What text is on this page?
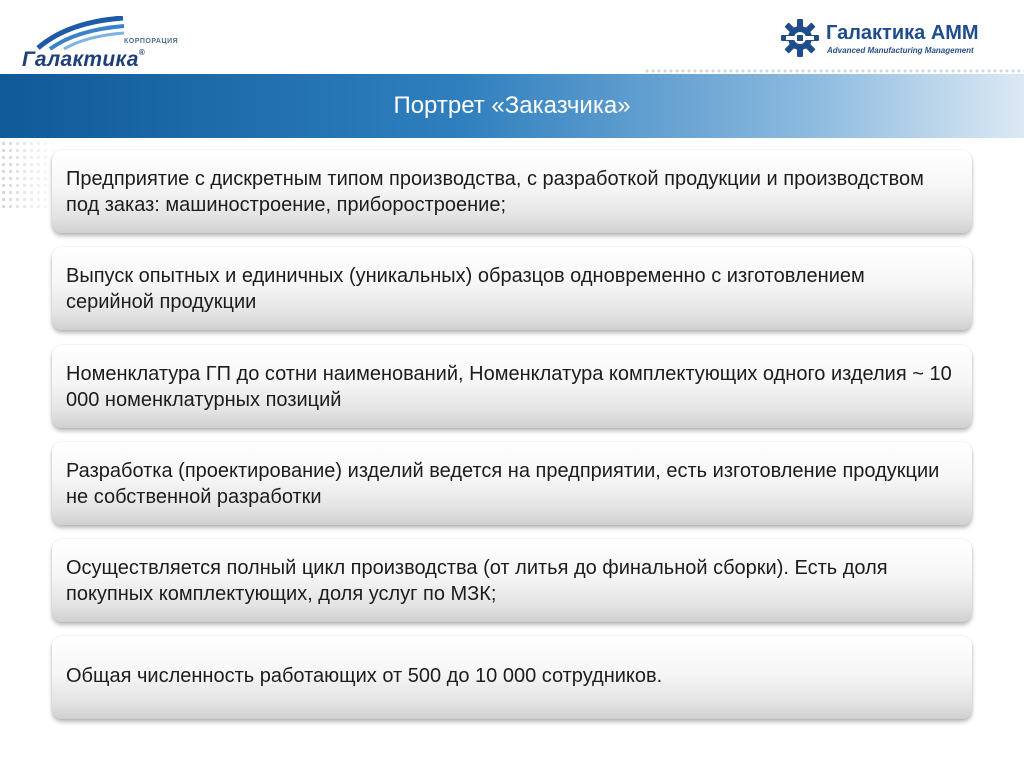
КОРПОРАЦИЯ
Галактика®
Галактика АММ
Advanced Manufacturing Management
Портрет «Заказчика»
Предприятие с дискретным типом производства, с разработкой продукции и производством под заказ: машиностроение, приборостроение;
Выпуск опытных и единичных (уникальных) образцов одновременно с изготовлением серийной продукции
Номенклатура ГП до сотни наименований, Номенклатура комплектующих одного изделия ~ 10 000 номенклатурных позиций
Разработка (проектирование) изделий ведется на предприятии, есть изготовление продукции не собственной разработки
Осуществляется полный цикл производства (от литья до финальной сборки). Есть доля покупных комплектующих, доля услуг по МЗК;
Общая численность работающих от 500 до 10 000 сотрудников.
